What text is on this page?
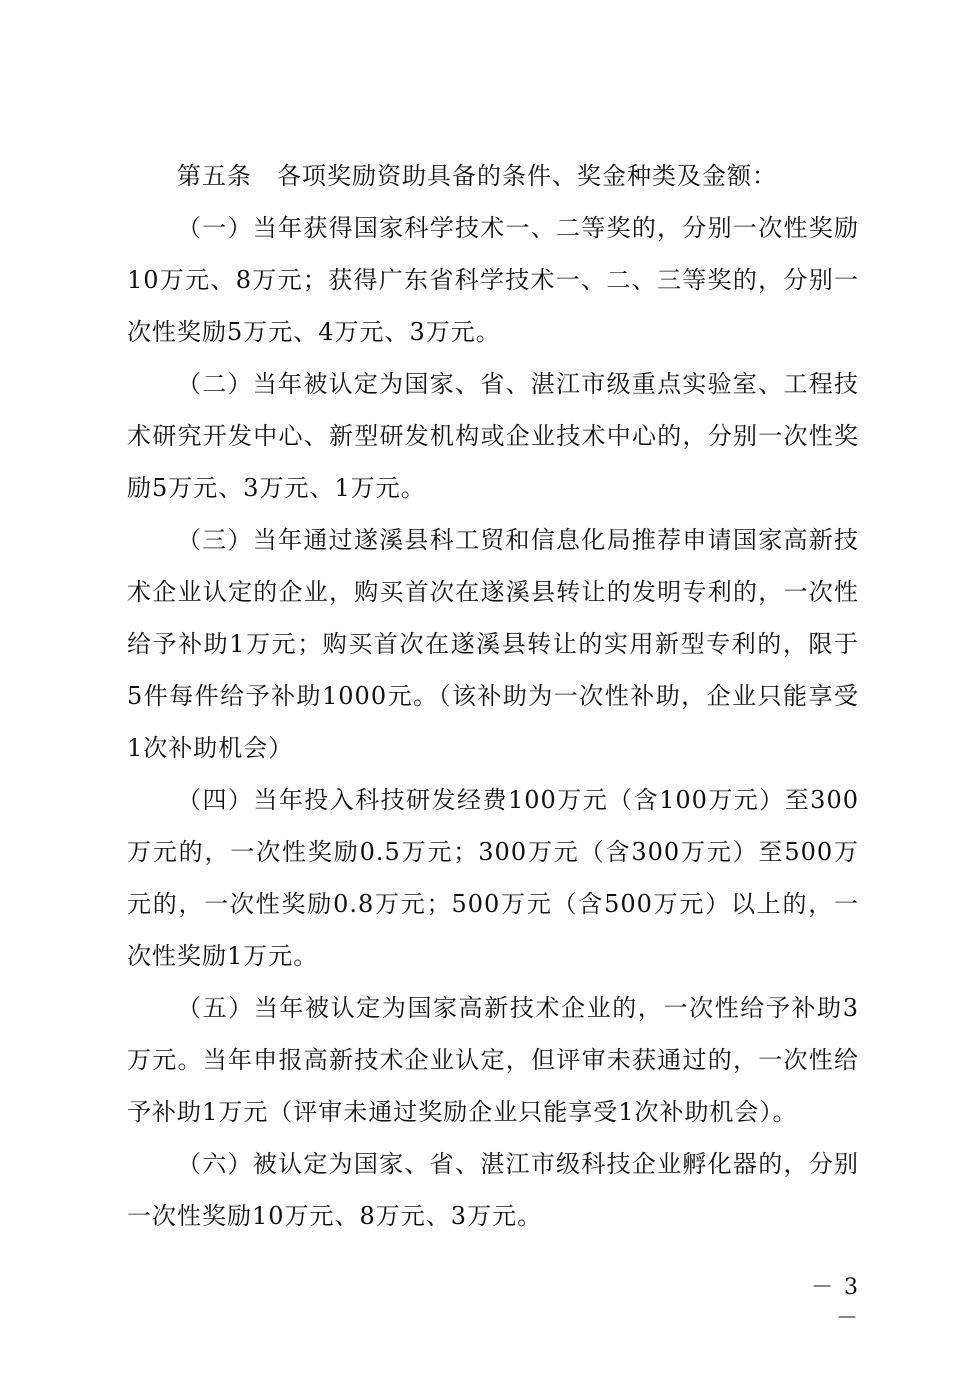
第五条　各项奖励资助具备的条件、奖金种类及金额：

（一）当年获得国家科学技术一、二等奖的，分别一次性奖励10万元、8万元；获得广东省科学技术一、二、三等奖的，分别一次性奖励5万元、4万元、3万元。

（二）当年被认定为国家、省、湛江市级重点实验室、工程技术研究开发中心、新型研发机构或企业技术中心的，分别一次性奖励5万元、3万元、1万元。

（三）当年通过遂溪县科工贸和信息化局推荐申请国家高新技术企业认定的企业，购买首次在遂溪县转让的发明专利的，一次性给予补助1万元；购买首次在遂溪县转让的实用新型专利的，限于5件每件给予补助1000元。（该补助为一次性补助，企业只能享受1次补助机会）

（四）当年投入科技研发经费100万元（含100万元）至300万元的，一次性奖励0.5万元；300万元（含300万元）至500万元的，一次性奖励0.8万元；500万元（含500万元）以上的，一次性奖励1万元。

（五）当年被认定为国家高新技术企业的，一次性给予补助3万元。当年申报高新技术企业认定，但评审未获通过的，一次性给予补助1万元（评审未通过奖励企业只能享受1次补助机会）。

（六）被认定为国家、省、湛江市级科技企业孵化器的，分别一次性奖励10万元、8万元、3万元。

－ 3 －
